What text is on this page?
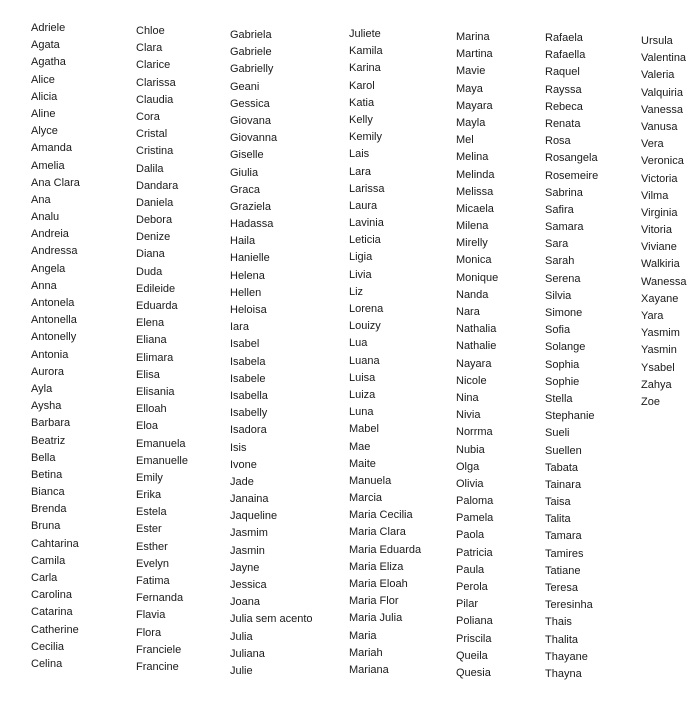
Adriele
Agata
Agatha
Alice
Alicia
Aline
Alyce
Amanda
Amelia
Ana Clara
Ana
Analu
Andreia
Andressa
Angela
Anna
Antonela
Antonella
Antonelly
Antonia
Aurora
Ayla
Aysha
Barbara
Beatriz
Bella
Betina
Bianca
Brenda
Bruna
Cahtarina
Camila
Carla
Carolina
Catarina
Catherine
Cecilia
Celina
Chloe
Clara
Clarice
Clarissa
Claudia
Cora
Cristal
Cristina
Dalila
Dandara
Daniela
Debora
Denize
Diana
Duda
Edileide
Eduarda
Elena
Eliana
Elimara
Elisa
Elisania
Elloah
Eloa
Emanuela
Emanuelle
Emily
Erika
Estela
Ester
Esther
Evelyn
Fatima
Fernanda
Flavia
Flora
Franciele
Francine
Gabriela
Gabriele
Gabrielly
Geani
Gessica
Giovana
Giovanna
Giselle
Giulia
Graca
Graziela
Hadassa
Haila
Hanielle
Helena
Hellen
Heloisa
Iara
Isabel
Isabela
Isabele
Isabella
Isabelly
Isadora
Isis
Ivone
Jade
Janaina
Jaqueline
Jasmim
Jasmin
Jayne
Jessica
Joana
Julia sem acento
Julia
Juliana
Julie
Juliete
Kamila
Karina
Karol
Katia
Kelly
Kemily
Lais
Lara
Larissa
Laura
Lavinia
Leticia
Ligia
Livia
Liz
Lorena
Louizy
Lua
Luana
Luisa
Luiza
Luna
Mabel
Mae
Maite
Manuela
Marcia
Maria Cecilia
Maria Clara
Maria Eduarda
Maria Eliza
Maria Eloah
Maria Flor
Maria Julia
Maria
Mariah
Mariana
Marina
Martina
Mavie
Maya
Mayara
Mayla
Mel
Melina
Melinda
Melissa
Micaela
Milena
Mirelly
Monica
Monique
Nanda
Nara
Nathalia
Nathalie
Nayara
Nicole
Nina
Nivia
Norrma
Nubia
Olga
Olivia
Paloma
Pamela
Paola
Patricia
Paula
Perola
Pilar
Poliana
Priscila
Queila
Quesia
Rafaela
Rafaella
Raquel
Rayssa
Rebeca
Renata
Rosa
Rosangela
Rosemeire
Sabrina
Safira
Samara
Sara
Sarah
Serena
Silvia
Simone
Sofia
Solange
Sophia
Sophie
Stella
Stephanie
Sueli
Suellen
Tabata
Tainara
Taisa
Talita
Tamara
Tamires
Tatiane
Teresa
Teresinha
Thais
Thalita
Thayane
Thayna
Ursula
Valentina
Valeria
Valquiria
Vanessa
Vanusa
Vera
Veronica
Victoria
Vilma
Virginia
Vitoria
Viviane
Walkiria
Wanessa
Xayane
Yara
Yasmim
Yasmin
Ysabel
Zahya
Zoe
